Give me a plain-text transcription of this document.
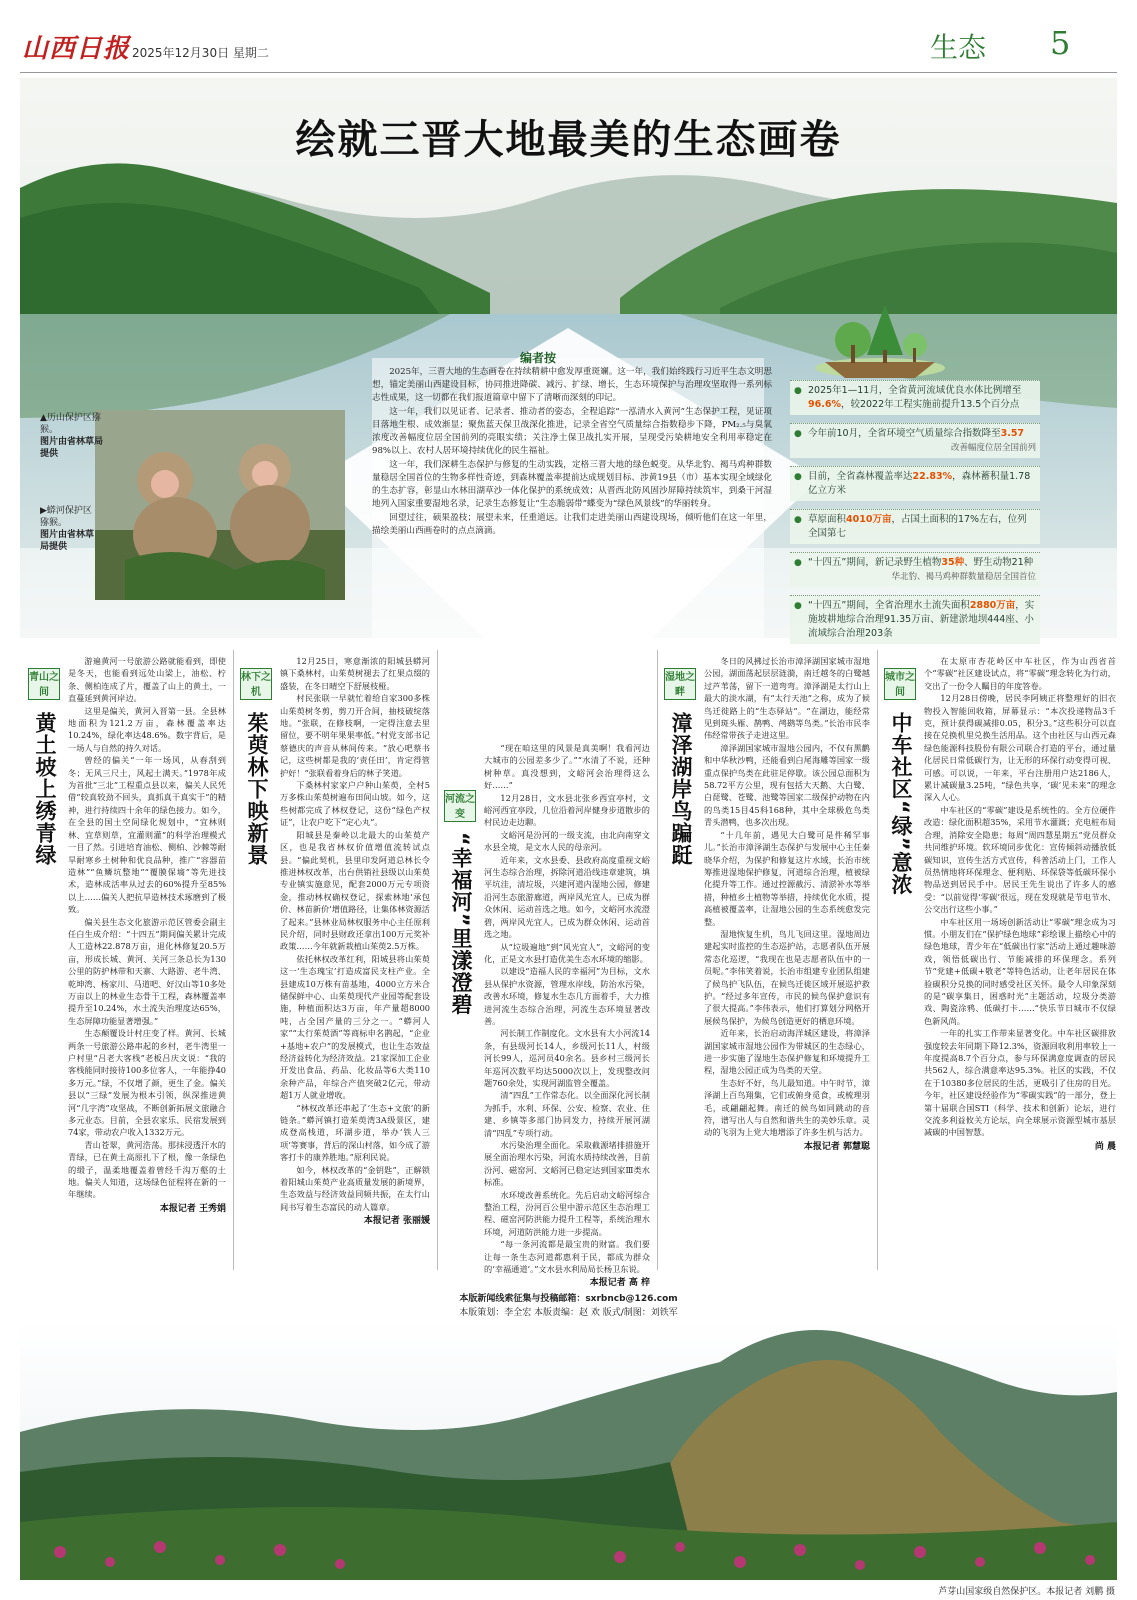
山西日报 2025年12月30日 星期二	生态 5
绘就三晋大地最美的生态画卷
▲历山保护区猕猴。
图片由省林草局提供
▶蟒河保护区猕猴。
图片由省林草局提供
编者按

2025年，三晋大地的生态画卷在持续精耕中愈发厚重斑斓。这一年，我们始终践行习近平生态文明思想，锚定美丽山西建设目标，协同推进降碳、减污、扩绿、增长，生态环境保护与治理攻坚取得一系列标志性成果，这一切都在我们报道篇章中留下了清晰而深刻的印记。

这一年，我们以见证者、记录者、推动者的姿态，全程追踪“一泓清水入黄河”生态保护工程，见证项目落地生根、成效渐显；聚焦蓝天保卫战深化推进，记录全省空气质量综合指数稳步下降，PM₂.₅与臭氧浓度改善幅度位居全国前列的亮眼实绩；关注净土保卫战扎实开展，呈现受污染耕地安全利用率稳定在98%以上、农村人居环境持续优化的民生福祉。

这一年，我们深耕生态保护与修复的生动实践，定格三晋大地的绿色蜕变。从华北豹、褐马鸡种群数量稳居全国首位的生物多样性奇迹，到森林覆盖率提前达成规划目标、涉黄19县（市）基本实现全域绿化的生态扩容，彰显山水林田湖草沙一体化保护的系统成效；从晋西北防风固沙屏障持续筑牢，到桑干河湿地列入国家重要湿地名录，记录生态修复让“生态脆弱带”蝶变为“绿色风景线”的华丽转身。

回望过往，硕果盈枝；展望未来，任重道远。让我们走进美丽山西建设现场，倾听他们在这一年里，描绘美丽山西画卷时的点点滴滴。

● 2025年1—11月，全省黄河流域优良水体比例增至96.6%，较2022年工程实施前提升13.5个百分点
● 今年前10月，全省环境空气质量综合指数降至3.57
改善幅度位居全国前列
● 目前，全省森林覆盖率达22.83%，森林蓄积量1.78亿立方米
● 草原面积4010万亩，占国土面积的17%左右，位列全国第七
● “十四五”期间，新记录野生植物35种、野生动物21种
华北豹、褐马鸡种群数量稳居全国首位
● “十四五”期间，全省治理水土流失面积2880万亩，实施坡耕地综合治理91.35万亩、新建淤地坝444座、小流域综合治理203条
青山之间
黄土坡上绣青绿

游遍黄河一号旅游公路就能看到，即使是冬天，也能看到远处山梁上，油松、柠条、侧柏连成了片，覆盖了山上的黄土，一直蔓延到黄河岸边。

这里是偏关，黄河入晋第一县。全县林地面积为121.2万亩，森林覆盖率达10.24%，绿化率达48.6%。数字背后，是一场人与自然的持久对话。

曾经的偏关“一年一场风，从春刮到冬；无风三尺土，风起土满天。”1978年成为首批“三北”工程重点县以来，偏关人民凭借“较真较劲不回头，真抓真干真实干”的精神，进行持续四十余年的绿色接力。如今，在全县的国土空间绿化规划中，“宜林则林、宜草则草，宜灌则灌”的科学治理模式一目了然。引进培育油松、侧柏、沙棘等耐旱耐寒乡土树种和优良品种，推广“容器苗造林”“鱼鳞坑整地”“覆膜保墒”等先进技术，造林成活率从过去的60%提升至85%以上……偏关人把抗旱造林技术琢磨到了极致。

偏关县生态文化旅游示范区管委会副主任白生成介绍：“十四五”期间偏关累计完成人工造林22.878万亩，退化林修复20.5万亩，形成长城、黄河、关河三条总长为130公里的防护林带和天寨、大路游、老牛湾、乾坤湾、杨家川、马道吧、好汉山等10多处万亩以上的林业生态骨干工程，森林覆盖率提升至10.24%，水土流失治理度达65%，生态屏障功能显著增强。”

生态颠覆设计村庄变了样。黄河、长城两条一号旅游公路串起的乡村，老牛湾里一户村里“吕老大客栈”老板吕庆文说：“我的客栈能同时接待100多位客人，一年能挣40多万元。”绿，不仅增了颜，更生了金。偏关县以“三绿”发展为根本引领，纵深推进黄河“几字湾”攻坚战，不断创新拓展文旅融合多元业态。目前，全县农家乐、民宿发展到74家，带动农户收入1332万元。

青山苍翠，黄河浩荡。那抹浸透汗水的青绿，已在黄土高原扎下了根，像一条绿色的缎子，温柔地覆盖着曾经千沟万壑的土地。偏关人知道，这场绿色征程将在新的一年继续。

本报记者 王秀娟
林下之机
茱萸林下映新景

12月25日，寒意渐浓的阳城县蟒河镇下桑林村，山茱萸树褪去了红果点缀的盛装，在冬日晴空下舒展枝桠。

村民张联一早就忙着给自家300多株山茱萸树冬剪，剪刀开合间，抽枝破绽落地。“张联，在修枝啊，一定得注意去里留位，要不明年果果率低。”村党支部书记蔡德庆的声音从林间传来。“放心吧蔡书记，这些树都是我的‘责任田’，肯定得管护好！”张联看着身后的林子笑道。

下桑林村家家户户种山茱萸，全村5万多株山茱萸树遍布田间山坡。如今，这些树都完成了林权登记，这份“绿色产权证”，让农户吃下“定心丸”。

阳城县是秦岭以北最大的山茱萸产区，也是我省林权价值增值流转试点县。“偏此契机，县里印发阿道总林长令推进林权改革，出台供销社县级以山茱萸专业镇实施意见，配套2000万元专项资金，推动林权确权登记，探索林地‘承包价、林苗新价’增值路径，让集体林资源活了起来。”县林业局林权服务中心主任原利民介绍，同时县财政还拿出100万元奖补政策……今年就新栽植山茱萸2.5万株。

依托林权改革红利，阳城县将山茱萸这一‘生态瑰宝’打造成富民支柱产业。全县建成10万株有苗基地，4000立方米合储保鲜中心、山茱萸现代产业园等配套设施，种植面积达3万亩，年产量超8000吨，占全国产量的三分之一。“蟒河人家”“太行茱萸酒”等商标申名鹊起，“企业+基地+农户”的发展模式，也让生态效益经济益转化为经济效益。21家深加工企业开发出食品、药品、化妆品等6大类110余种产品，年综合产值突破2亿元，带动超1万人就业增收。

“林权改革还串起了‘生态+文旅’的新链条。”蟒河镇打造茱萸湾3A级景区，建成登高栈道，环湖步道，举办‘铁人三项’等赛事，背后的深山村落，如今成了游客打卡的康养胜地。”原利民说。

如今，林权改革的“金钥匙”，正解锁着阳城山茱萸产业高质量发展的新境界，生态效益与经济效益同频共振，在太行山间书写着生态富民的动人篇章。

本报记者 张丽媛
河流之变
“幸福河”里漾澄碧

“现在咱这里的风景是真美啊！我看河边大城市的公园差多少了。”“水清了不说，还种树种草。真没想到，文峪河会治理得这么好……”

12月28日，文水县北张乡西宜亭村，文峪河西宜亭段，几位沿着河岸健身步道散步的村民边走边聊。

文峪河是汾河的一级支流，由北向南穿文水县全境，是文水人民的母亲河。

近年来，文水县委、县政府高度重视文峪河生态综合治理，拆除河道沿线违章建筑，填平坑洼，清垃圾，兴建河道内湿地公园，修建沿河生态旅游廊道，两岸风光宜人，已成为群众休闲、运动首选之地。如今，文峪河水流澄碧，两岸风光宜人，已成为群众休闲、运动首选之地。

从“垃圾遍地”到“风光宜人”，文峪河的变化，正是文水县打造优美生态水环境的缩影。

以建设“造福人民的幸福河”为目标，文水县从保护水资源，管理水岸线，防治水污染，改善水环境，修复水生态几方面着手，大力推进河流生态综合治理，河流生态环境显著改善。

河长制工作制度化。文水县有大小河流14条，有县级河长14人，乡级河长11人，村级河长99人，巡河员40余名。县乡村三级河长年巡河次数平均达5000次以上，发现整改问题760余处，实现河湖监管全覆盖。

清“四乱”工作常态化。以全面深化河长制为抓手，水利、环保、公安、检察、农业、住建、乡镇等多部门协同发力，持续开展河湖清“四乱”专项行动。

水污染治理全面化。采取截源堵排措施开展全面治理水污染，河流水质持续改善，目前汾河、磁窑河、文峪河已稳定达到国家Ⅲ类水标准。

水环境改善系统化。先后启动文峪河综合整治工程，汾河百公里中游示范区生态治理工程、磁窑河防洪能力提升工程等，系统治理水环境，河道防洪能力进一步提高。

“每一条河流都是最宝贵的财富。我们要让每一条生态河道都惠利于民，都成为群众的‘幸福通道’。”文水县水利局局长杨卫东说。

本报记者 高 梓
湿地之畔
漳泽湖岸鸟蹁跹

冬日的风拂过长治市漳泽湖国家城市湿地公园，湖面荡起层层涟漪，南迁越冬的白鹭越过芦苇荡，留下一道弯弯。漳泽湖是太行山上最大的淡水湖，有“太行天池”之称，成为了候鸟迁徙路上的“生态驿站”。“在湖边，能经常见到斑头雁、鹊鸭、鸬鹚等鸟类。”长治市民李伟经常带孩子走进这里。

漳泽湖国家城市湿地公园内，不仅有黑鹳和中华秋沙鸭，还能看到白尾海雕等国家一级重点保护鸟类在此驻足停歇。该公园总面积为58.72平方公里，现有包括大天鹅、大白鹭、白琵鹭、苍鹭、池鹭等国家二级保护动物在内的鸟类15目45科168种，其中全球极危鸟类青头潜鸭，也多次出现。

“十几年前，遇见大白鹭可是件稀罕事儿。”长治市漳泽湖生态保护与发展中心主任秦晓华介绍，为保护和修复这片水域，长治市统筹推进湿地保护修复，河道综合治理，植被绿化提升等工作。通过控源截污、清淤补水等举措，种植乡土植物等举措，持续优化水质，提高植被覆盖率，让湿地公园的生态系统愈发完整。

湿地恢复生机，鸟儿飞回这里。湿地周边建起实时监控的生态巡护站，志愿者队伍开展常态化巡逻，“我现在也是志愿者队伍中的一员呢。”李伟笑着说，长治市组建专业团队组建了候鸟护飞队伍，在候鸟迁徙区域开展巡护救护。“经过多年宣传，市民的候鸟保护意识有了很大提高。”李伟表示，他们打算划分网格开展候鸟保护，为候鸟创造更好的栖息环境。

近年来，长治启动海洋城区建设，将漳泽湖国家城市湿地公园作为带城区的生态绿心，进一步实施了湿地生态保护修复和环境提升工程，湿地公园正成为鸟类的天堂。

生态好不好，鸟儿最知道。中午时节，漳泽湖上百鸟翔集，它们或俯身觅食，或梳理羽毛，或翩翩起舞。南迁的候鸟如同跳动的音符，谱写出人与自然和谐共生的美妙乐章。灵动的飞羽为上党大地增添了许多生机与活力。

本报记者 郭慧聪
城市之间
中车社区“绿”意浓

在太原市杏花岭区中车社区，作为山西省首个“零碳”社区建设试点，将“零碳”理念转化为行动，交出了一份令人瞩目的年度答卷。

12月28日傍晚，居民李阿姨正将整理好的旧衣物投入智能回收箱，屏幕显示：“本次投递物品3千克，预计获得碳减排0.05，积分3。”这些积分可以直接在兑换机里兑换生活用品。这个由社区与山西元森绿色能源科技股份有限公司联合打造的平台，通过量化居民日常低碳行为，让无形的环保行动变得可视、可感。可以说，一年来，平台注册用户达2186人，累计减碳量3.25吨，“绿色共享，‘碳’见未来”的理念深入人心。

中车社区的“零碳”建设是系统性的。全方位硬件改造：绿化面积超35%，采用节水灌溉；充电桩布局合理，消除安全隐患；每周“周四慧星期五”党员群众共同维护环境。软环境同步优化：宣传倾斜动播放低碳知识，宣传生活方式宣传，科普活动上门，工作人员热情地将环保理念、便利贴、环保袋等低碳环保小物品送到居民手中。居民王先生说出了许多人的感受：“以前觉得‘零碳’很远，现在发现就是节电节水、公交出行这些小事。”

中车社区用一场场创新活动让“零碳”理念成为习惯。小朋友们在“保护绿色地球”彩绘课上描绘心中的绿色地球，青少年在“低碳出行家”活动上通过趣味游戏，领悟低碳出行、节能减排的环保理念。系列节“党建+低碳+敬老”等特色活动，让老年居民在体验碳积分兑换的同时感受社区关怀。最令人印象深刻的是“碳享集日，困惑时光”主题活动，垃圾分类游戏、陶瓷涂鸦、低碳打卡……“快乐节日城市不仅绿色新风尚。

一年的扎实工作带来显著变化。中车社区碳排放强度较去年同期下降12.3%，资源回收利用率较上一年度提高8.7个百分点，参与环保满意度调查的居民共562人，综合满意率达95.3%。社区的实践，不仅在于10380多位居民的生活，更吸引了住房的目光。今年，社区建设经验作为“零碳实践”的一部分，登上第十届联合国STI（科学、技术和创新）论坛，进行交流多利益攸关方论坛，向全球展示资源型城市基层减碳的中国智慧。

尚 晨
本版新闻线索征集与投稿邮箱：sxrbncb@126.com
本版策划：李全宏 本版责编：赵 欢 版式/制图：刘铁军
芦芽山国家级自然保护区。本报记者 刘鹏 摄
